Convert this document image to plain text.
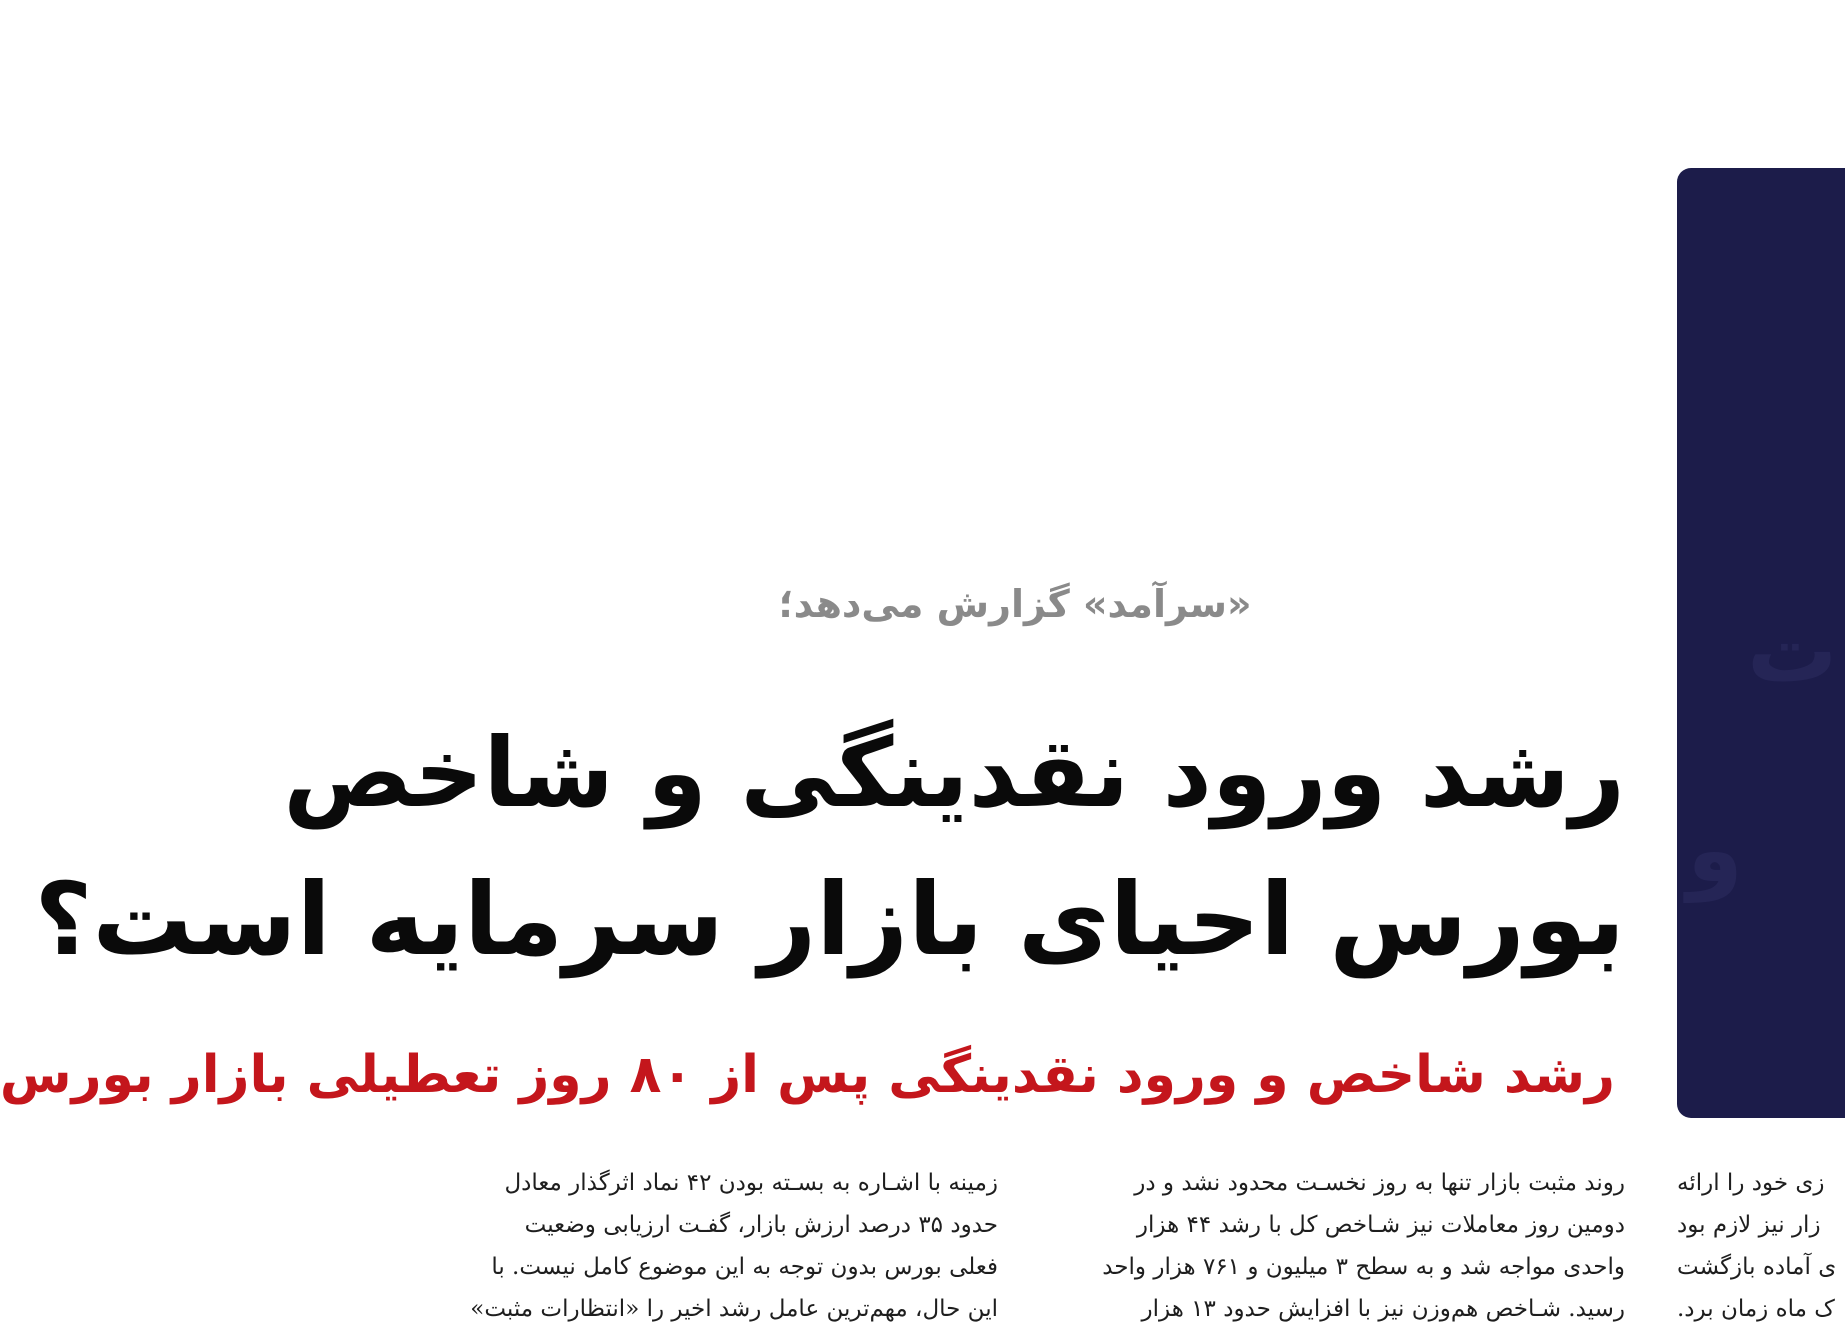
ت
و
«سرآمد» گزارش می‌دهد؛
رشد ورود نقدینگی و شاخص
بورس احیای بازار سرمایه است؟
رشد شاخص و ورود نقدینگی پس از ۸۰ روز تعطیلی بازار بورس
زمینه با اشـاره به بسـته بودن ۴۲ نماد اثرگذار معادل
حدود ۳۵ درصد ارزش بازار، گفـت ارزیابی وضعیت
فعلی بورس بدون توجه به این موضوع کامل نیست. با
این حال، مهم‌ترین عامل رشد اخیر را «انتظارات مثبت»
روند مثبت بازار تنها به روز نخسـت محدود نشد و در
دومین روز معاملات نیز شـاخص کل با رشد ۴۴ هزار
واحدی مواجه شد و به سطح ۳ میلیون و ۷۶۱ هزار واحد
رسید. شـاخص هم‌وزن نیز با افزایش حدود ۱۳ هزار
زی خود را ارائه
زار نیز لازم بود
ی آماده بازگشت
ک ماه زمان برد.
